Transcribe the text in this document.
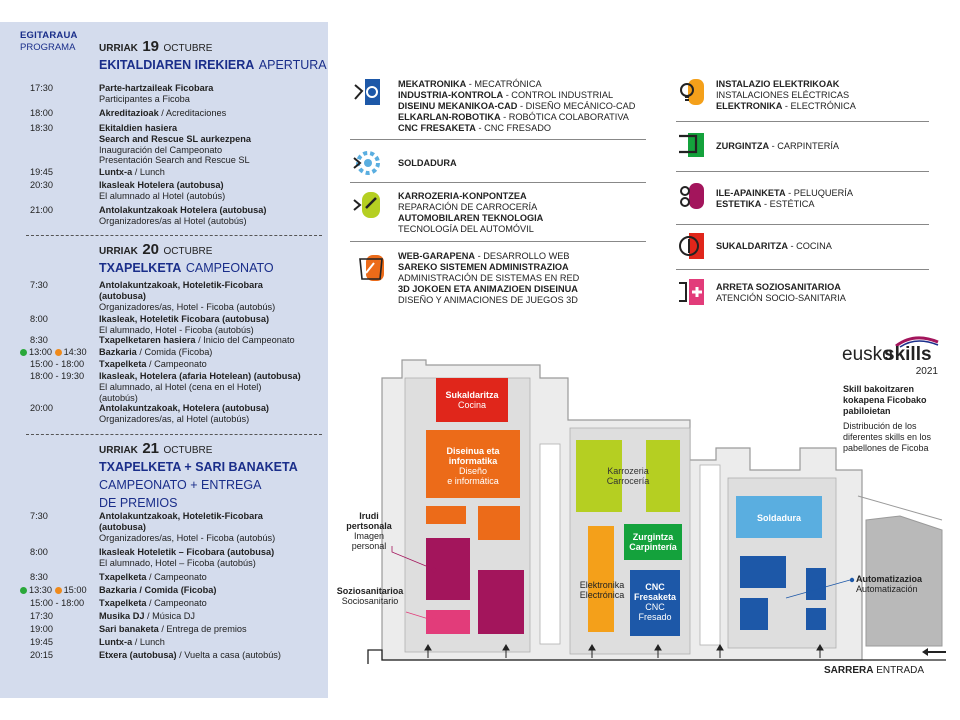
EGITARAUA
PROGRAMA URRIAK 19 OCTUBRE
EKITALDIAREN IREKIERA APERTURA
17:30	Parte-hartzaileak Ficobara
Participantes a Ficoba
18:00	Akreditazioak / Acreditaciones
18:30	Ekitaldien hasiera
Search and Rescue SL aurkezpena
Inauguración del Campeonato
Presentación Search and Rescue SL
19:45	Luntx-a / Lunch
20:30	Ikasleak Hotelera (autobusa)
El alumnado al Hotel (autobús)
21:00	Antolakuntzakoak Hotelera (autobusa)
Organizadores/as al Hotel (autobús)
URRIAK 20 OCTUBRE
TXAPELKETA CAMPEONATO
7:30	Antolakuntzakoak, Hoteletik-Ficobara
(autobusa)
Organizadores/as, Hotel - Ficoba (autobús)
8:00	Ikasleak, Hoteletik Ficobara (autobusa)
El alumnado, Hotel - Ficoba (autobús)
8:30	Txapelketaren hasiera / Inicio del Campeonato
13:00 14:30 Bazkaria / Comida (Ficoba)
15:00 - 18:00 Txapelketa / Campeonato
18:00 - 19:30 Ikasleak, Hotelera (afaria Hotelean) (autobusa)
El alumnado, al Hotel (cena en el Hotel)
(autobús)
20:00	Antolakuntzakoak, Hotelera (autobusa)
Organizadores/as, al Hotel (autobús)
URRIAK 21 OCTUBRE
TXAPELKETA + SARI BANAKETA
CAMPEONATO + ENTREGA
DE PREMIOS
7:30	Antolakuntzakoak, Hoteletik-Ficobara
(autobusa)
Organizadores/as, Hotel - Ficoba (autobús)
8:00	Ikasleak Hoteletik – Ficobara (autobusa)
El alumnado, Hotel – Ficoba (autobús)
8:30	Txapelketa / Campeonato
13:30 15:00 Bazkaria / Comida (Ficoba)
15:00 - 18:00 Txapelketa / Campeonato
17:30	Musika DJ / Música DJ
19:00	Sari banaketa / Entrega de premios
19:45	Luntx-a / Lunch
20:15	Etxera (autobusa) / Vuelta a casa (autobús)
MEKATRONIKA - MECATRÓNICA
INDUSTRIA-KONTROLA - CONTROL INDUSTRIAL
DISEINU MEKANIKOA-CAD - DISEÑO MECÁNICO-CAD
ELKARLAN-ROBOTIKA - ROBÓTICA COLABORATIVA
CNC FRESAKETA - CNC FRESADO
SOLDADURA
KARROZERIA-KONPONTZEA
REPARACIÓN DE CARROCERÍA
AUTOMOBILAREN TEKNOLOGIA
TECNOLOGÍA DEL AUTOMÓVIL
WEB-GARAPENA - DESARROLLO WEB
SAREKO SISTEMEN ADMINISTRAZIOA
ADMINISTRACIÓN DE SISTEMAS EN RED
3D JOKOEN ETA ANIMAZIOEN DISEINUA
DISEÑO Y ANIMACIONES DE JUEGOS 3D
INSTALAZIO ELEKTRIKOAK
INSTALACIONES ELÉCTRICAS
ELEKTRONIKA - ELECTRÓNICA
ZURGINTZA - CARPINTERÍA
ILE-APAINKETA - PELUQUERÍA
ESTETIKA - ESTÉTICA
SUKALDARITZA - COCINA
ARRETA SOZIOSANITARIOA
ATENCIÓN SOCIO-SANITARIA
eusko
skills
2021
Skill bakoitzaren
kokapena Ficobako
pabiloietan
Distribución de los
diferentes skills en los
pabellones de Ficoba
Sukaldaritza
Cocina
Diseinua eta
informatika
Diseño
e informática
Karrozeria
Carrocería
Zurgintza
Carpintería
Elektronika
Electrónica
CNC
Fresaketa
CNC
Fresado
Soldadura
Irudi
pertsonala
Imagen
personal
Soziosanitarioa
Sociosanitario
Automatizazioa
Automatización
SARRERA ENTRADA
